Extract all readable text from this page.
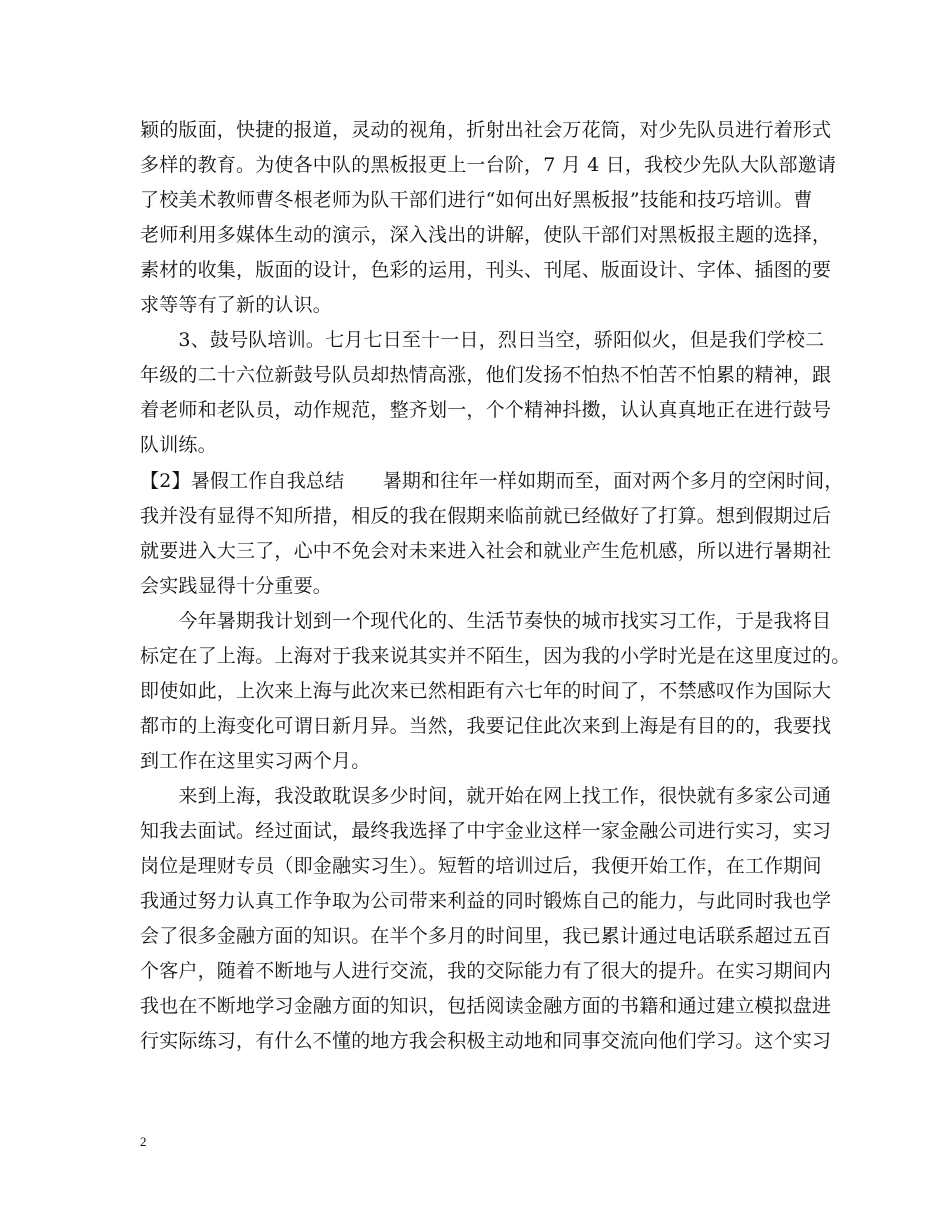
颖的版面，快捷的报道，灵动的视角，折射出社会万花筒，对少先队员进行着形式
多样的教育。为使各中队的黑板报更上一台阶，7 月 4 日，我校少先队大队部邀请
了校美术教师曹冬根老师为队干部们进行“如何出好黑板报”技能和技巧培训。曹
老师利用多媒体生动的演示，深入浅出的讲解，使队干部们对黑板报主题的选择，
素材的收集，版面的设计，色彩的运用，刊头、刊尾、版面设计、字体、插图的要
求等等有了新的认识。
　　3、鼓号队培训。七月七日至十一日，烈日当空，骄阳似火，但是我们学校二
年级的二十六位新鼓号队员却热情高涨，他们发扬不怕热不怕苦不怕累的精神，跟
着老师和老队员，动作规范，整齐划一，个个精神抖擞，认认真真地正在进行鼓号
队训练。
【2】暑假工作自我总结　　暑期和往年一样如期而至，面对两个多月的空闲时间，
我并没有显得不知所措，相反的我在假期来临前就已经做好了打算。想到假期过后
就要进入大三了，心中不免会对未来进入社会和就业产生危机感，所以进行暑期社
会实践显得十分重要。
　　今年暑期我计划到一个现代化的、生活节奏快的城市找实习工作，于是我将目
标定在了上海。上海对于我来说其实并不陌生，因为我的小学时光是在这里度过的。
即使如此，上次来上海与此次来已然相距有六七年的时间了，不禁感叹作为国际大
都市的上海变化可谓日新月异。当然，我要记住此次来到上海是有目的的，我要找
到工作在这里实习两个月。
　　来到上海，我没敢耽误多少时间，就开始在网上找工作，很快就有多家公司通
知我去面试。经过面试，最终我选择了中宇金业这样一家金融公司进行实习，实习
岗位是理财专员（即金融实习生）。短暂的培训过后，我便开始工作，在工作期间
我通过努力认真工作争取为公司带来利益的同时锻炼自己的能力，与此同时我也学
会了很多金融方面的知识。在半个多月的时间里，我已累计通过电话联系超过五百
个客户，随着不断地与人进行交流，我的交际能力有了很大的提升。在实习期间内
我也在不断地学习金融方面的知识，包括阅读金融方面的书籍和通过建立模拟盘进
行实际练习，有什么不懂的地方我会积极主动地和同事交流向他们学习。这个实习
2
